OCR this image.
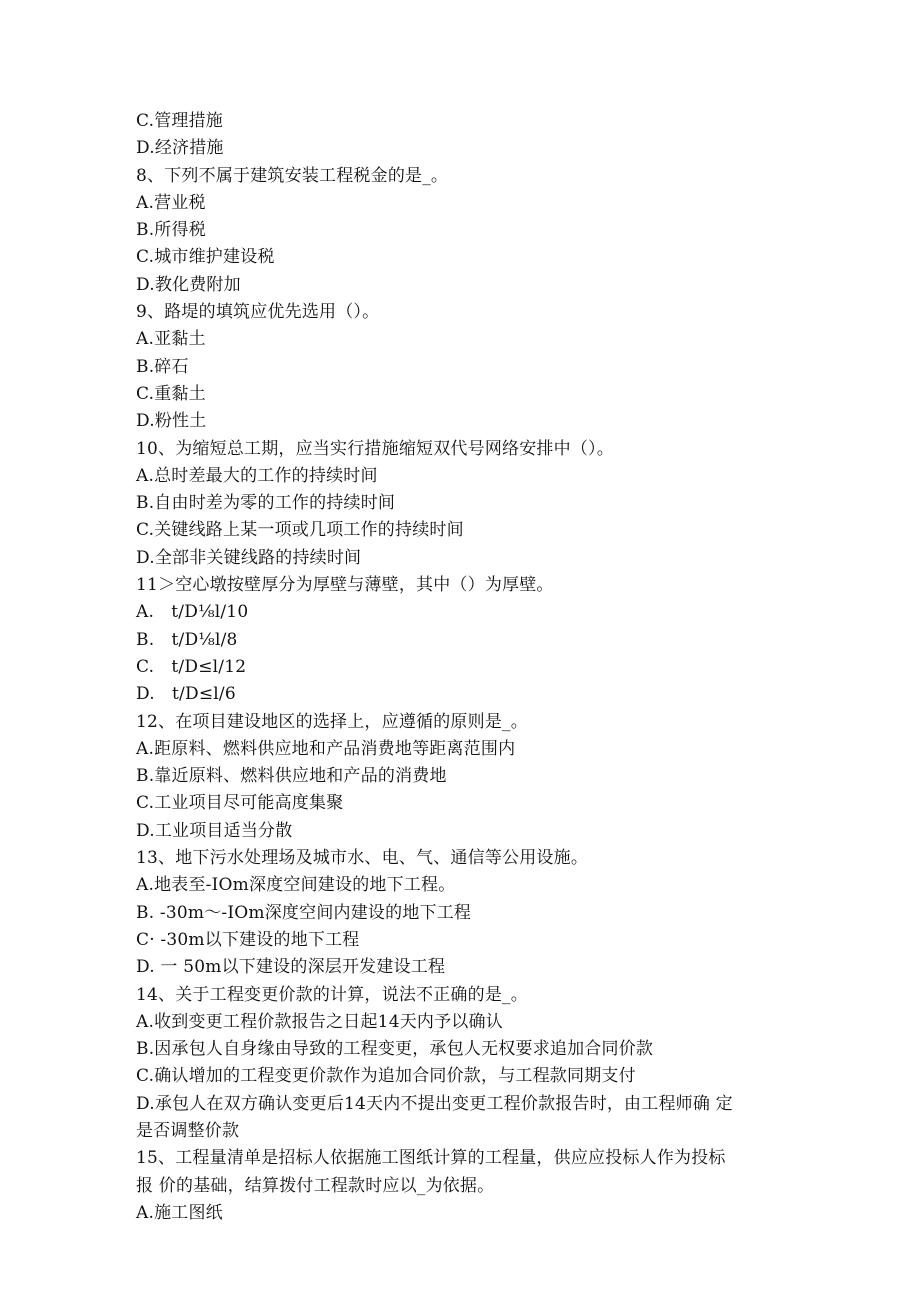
C.管理措施
D.经济措施
8、下列不属于建筑安装工程税金的是_。
A.营业税
B.所得税
C.城市维护建设税
D.教化费附加
9、路堤的填筑应优先选用（）。
A.亚黏土
B.碎石
C.重黏土
D.粉性土
10、为缩短总工期，应当实行措施缩短双代号网络安排中（）。
A.总时差最大的工作的持续时间
B.自由时差为零的工作的持续时间
C.关键线路上某一项或几项工作的持续时间
D.全部非关键线路的持续时间
11＞空心墩按壁厚分为厚壁与薄壁，其中（）为厚壁。
A.　t∕D⅛l∕10
B.　t∕D⅛l∕8
C.　t∕D≤l∕12
D.　t∕D≤l∕6
12、在项目建设地区的选择上，应遵循的原则是_。
A.距原料、燃料供应地和产品消费地等距离范围内
B.靠近原料、燃料供应地和产品的消费地
C.工业项目尽可能高度集聚
D.工业项目适当分散
13、地下污水处理场及城市水、电、气、通信等公用设施。
A.地表至-IOm深度空间建设的地下工程。
B. -30m～-IOm深度空间内建设的地下工程
C· -30m以下建设的地下工程
D. 一 50m以下建设的深层开发建设工程
14、关于工程变更价款的计算，说法不正确的是_。
A.收到变更工程价款报告之日起14天内予以确认
B.因承包人自身缘由导致的工程变更，承包人无权要求追加合同价款
C.确认增加的工程变更价款作为追加合同价款，与工程款同期支付
D.承包人在双方确认变更后14天内不提出变更工程价款报告时，由工程师确 定
是否调整价款
15、工程量清单是招标人依据施工图纸计算的工程量，供应应投标人作为投标
报 价的基础，结算拨付工程款时应以_为依据。
A.施工图纸
